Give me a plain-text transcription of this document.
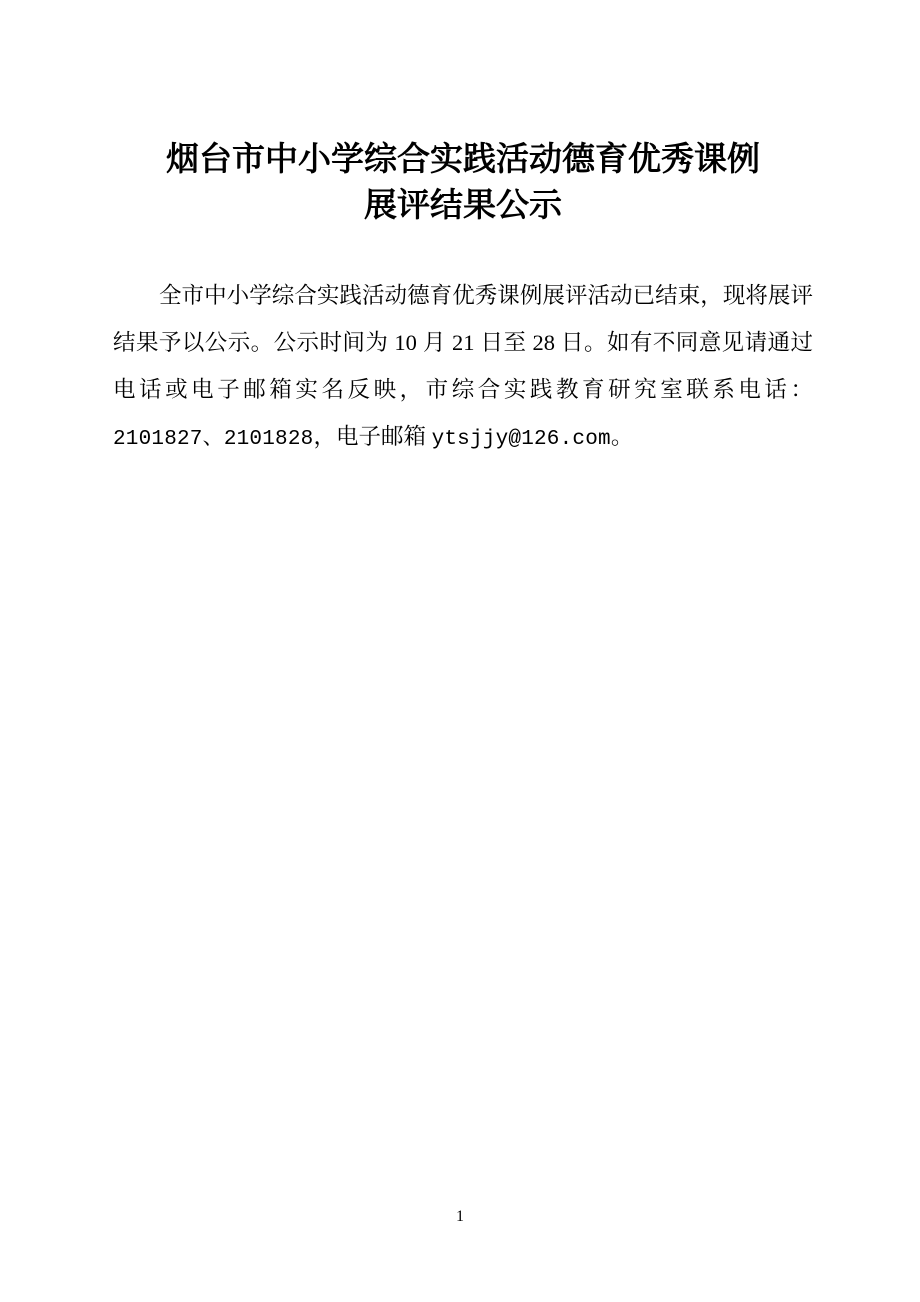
烟台市中小学综合实践活动德育优秀课例
展评结果公示

全市中小学综合实践活动德育优秀课例展评活动已结束，现将展评结果予以公示。公示时间为 10 月 21 日至 28 日。如有不同意见请通过电话或电子邮箱实名反映，市综合实践教育研究室联系电话：2101827、2101828，电子邮箱 ytsjjy@126.com。

1
